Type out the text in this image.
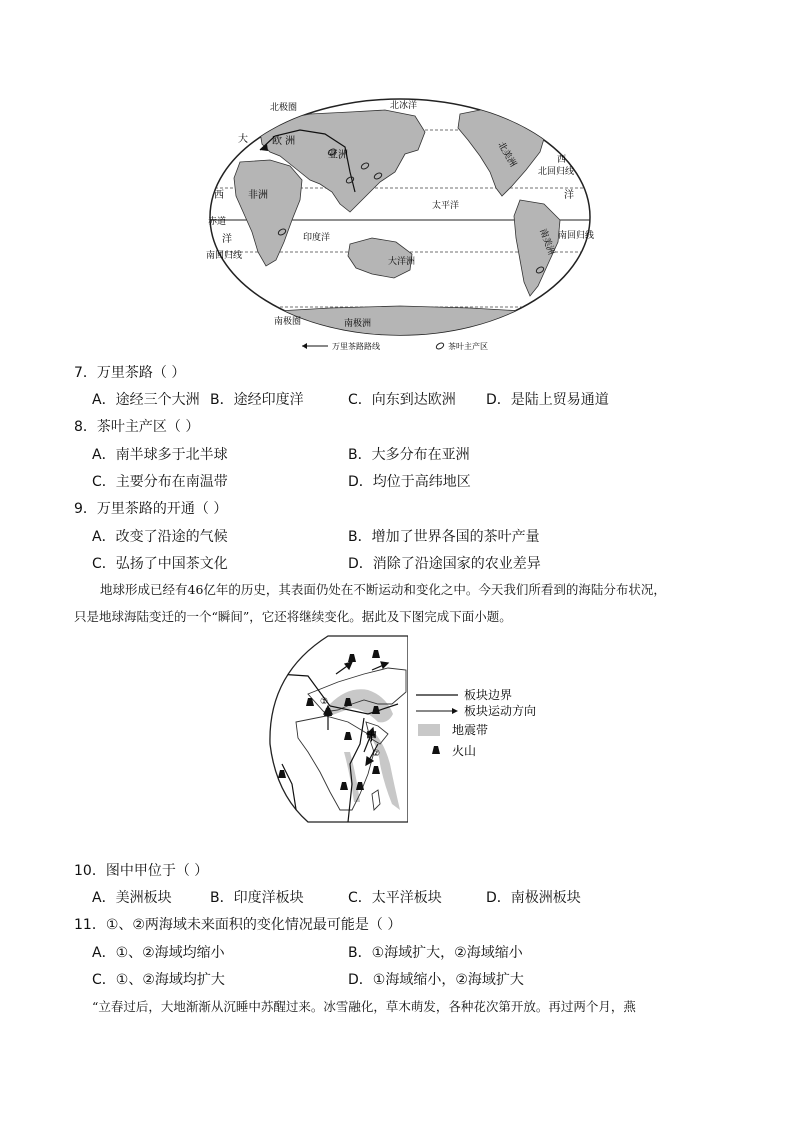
北极圈	北冰洋
大
西
洋
欧 洲
亚洲
非洲
印度洋
太平洋
大洋洲
北美洲
南美洲
南极洲
赤道
北回归线
南回归线
南回归线
南极圈
西
洋
万里茶路路线	茶叶主产区
7．万里茶路（ ）
A．途经三个大洲 B．途经印度洋	C．向东到达欧洲 D．是陆上贸易通道
8．茶叶主产区（ ）
A．南半球多于北半球	B．大多分布在亚洲
C．主要分布在南温带	D．均位于高纬地区
9．万里茶路的开通（ ）
A．改变了沿途的气候	B．增加了世界各国的茶叶产量
C．弘扬了中国茶文化	D．消除了沿途国家的农业差异
地球形成已经有46亿年的历史，其表面仍处在不断运动和变化之中。今天我们所看到的海陆分布状况，
只是地球海陆变迁的一个“瞬间”，它还将继续变化。据此及下图完成下面小题。
甲
①
②
板块边界
板块运动方向
地震带
火山
10．图中甲位于（ ）
A．美洲板块	B．印度洋板块	C．太平洋板块	D．南极洲板块
11．①、②两海域未来面积的变化情况最可能是（ ）
A．①、②海域均缩小	B．①海域扩大，②海域缩小
C．①、②海域均扩大	D．①海域缩小，②海域扩大
“立春过后，大地渐渐从沉睡中苏醒过来。冰雪融化，草木萌发，各种花次第开放。再过两个月，燕
